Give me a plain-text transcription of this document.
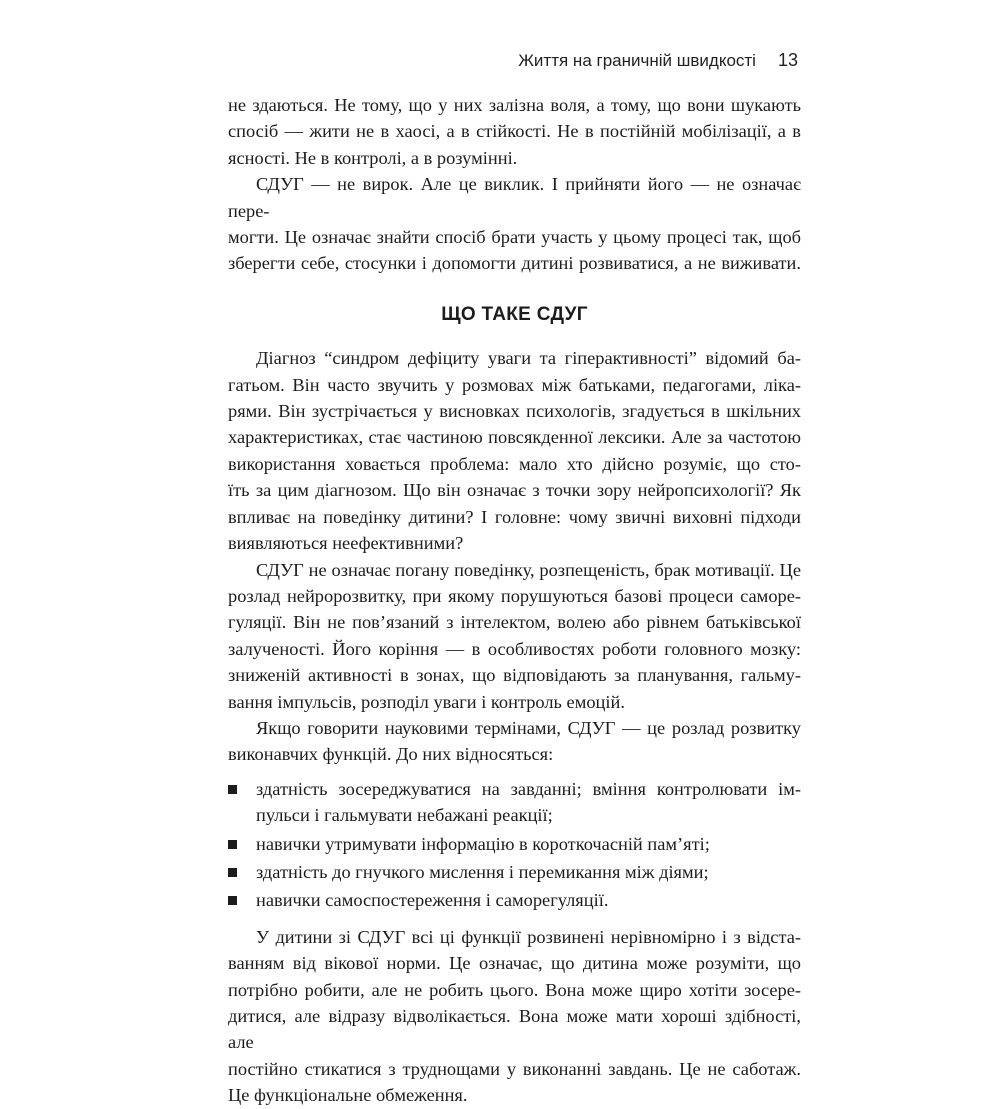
Життя на граничній швидкості 13

не здаються. Не тому, що у них залізна воля, а тому, що вони шукають

спосіб — жити не в хаосі, а в стійкості. Не в постійній мобілізації, а в

ясності. Не в контролі, а в розумінні.

СДУГ — не вирок. Але це виклик. І прийняти його — не означає пере-

могти. Це означає знайти спосіб брати участь у цьому процесі так, щоб

зберегти себе, стосунки і допомогти дитині розвиватися, а не виживати.

ЩО ТАКЕ СДУГ

Діагноз “синдром дефіциту уваги та гіперактивності” відомий ба-

гатьом. Він часто звучить у розмовах між батьками, педагогами, ліка-

рями. Він зустрічається у висновках психологів, згадується в шкільних

характеристиках, стає частиною повсякденної лексики. Але за частотою

використання ховається проблема: мало хто дійсно розуміє, що сто-

їть за цим діагнозом. Що він означає з точки зору нейропсихології? Як

впливає на поведінку дитини? І головне: чому звичні виховні підходи

виявляються неефективними?

СДУГ не означає погану поведінку, розпещеність, брак мотивації. Це

розлад нейророзвитку, при якому порушуються базові процеси саморе-

гуляції. Він не пов’язаний з інтелектом, волею або рівнем батьківської

залученості. Його коріння — в особливостях роботи головного мозку:

зниженій активності в зонах, що відповідають за планування, гальму-

вання імпульсів, розподіл уваги і контроль емоцій.

Якщо говорити науковими термінами, СДУГ — це розлад розвитку

виконавчих функцій. До них відносяться:

здатність зосереджуватися на завданні; вміння контролювати ім- пульси і гальмувати небажані реакції;
навички утримувати інформацію в короткочасній пам’яті;
здатність до гнучкого мислення і перемикання між діями;
навички самоспостереження і саморегуляції.

У дитини зі СДУГ всі ці функції розвинені нерівномірно і з відста-

ванням від вікової норми. Це означає, що дитина може розуміти, що

потрібно робити, але не робить цього. Вона може щиро хотіти зосере-

дитися, але відразу відволікається. Вона може мати хороші здібності, але

постійно стикатися з труднощами у виконанні завдань. Це не саботаж.

Це функціональне обмеження.
